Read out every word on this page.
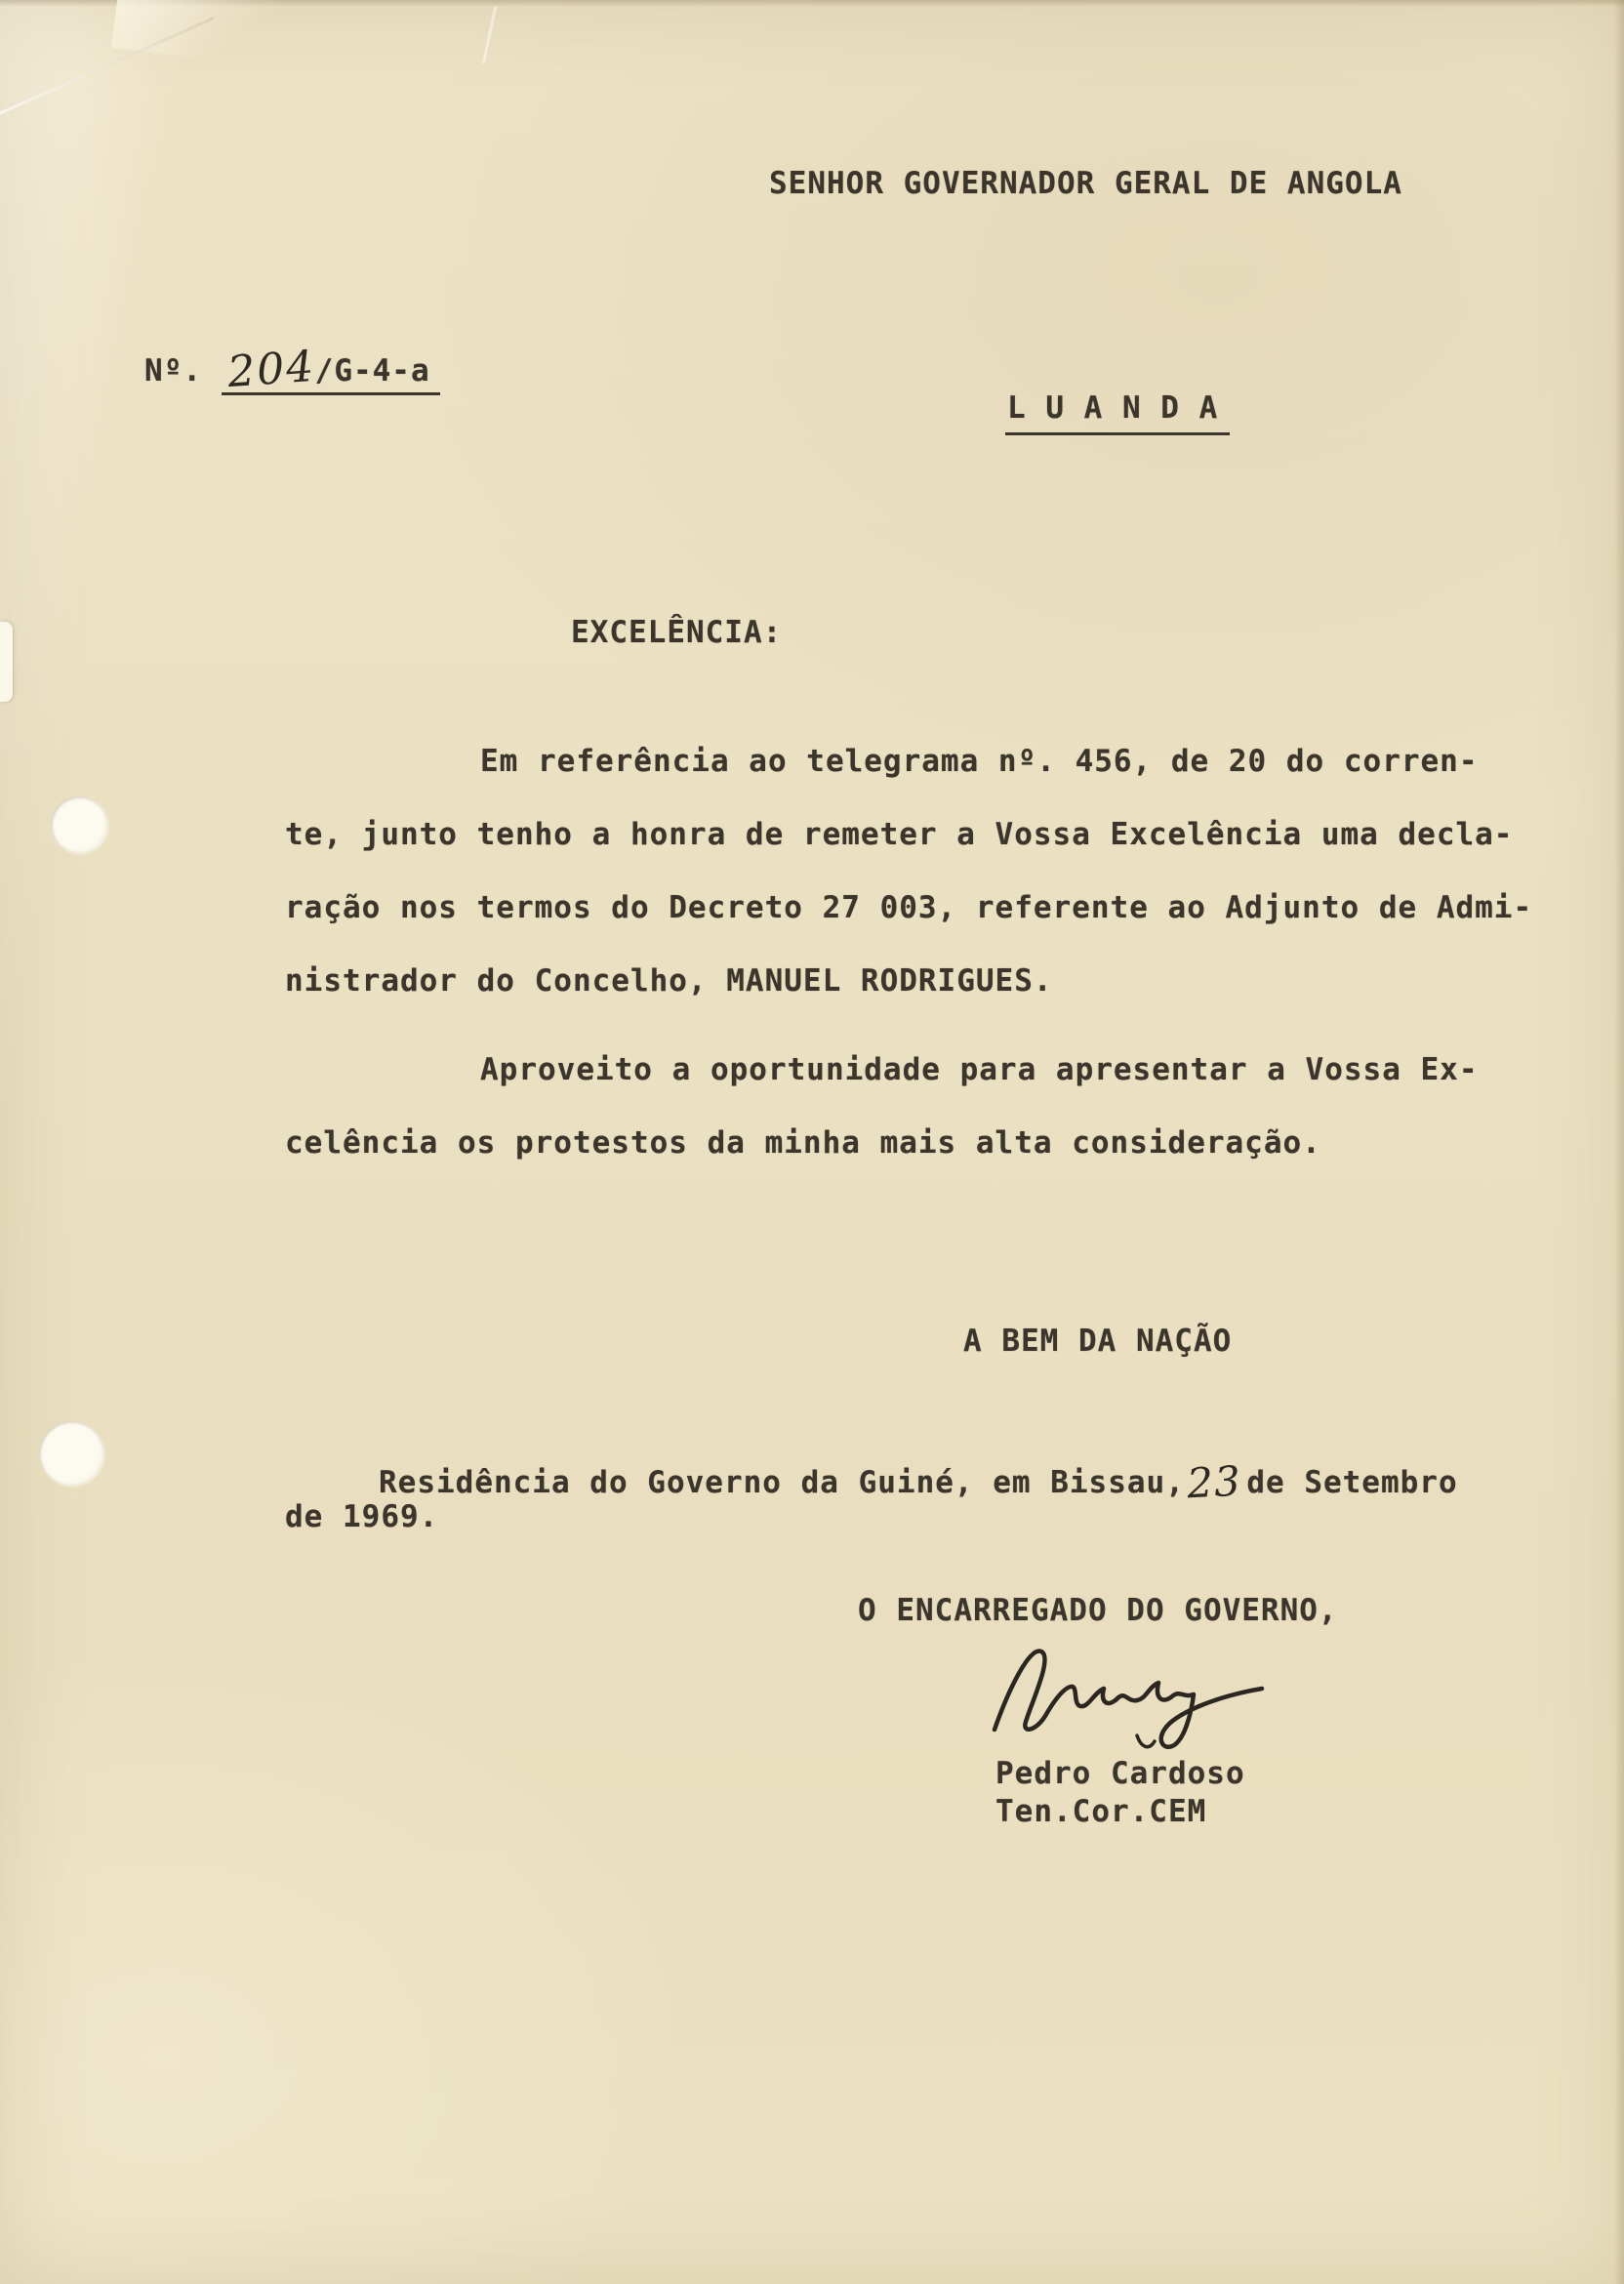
SENHOR GOVERNADOR GERAL DE ANGOLA
Nº. 204/G-4-a
L U A N D A
EXCELÊNCIA:
Em referência ao telegrama nº. 456, de 20 do corren-
te, junto tenho a honra de remeter a Vossa Excelência uma decla-
ração nos termos do Decreto 27 003, referente ao Adjunto de Admi-
nistrador do Concelho, MANUEL RODRIGUES.
Aproveito a oportunidade para apresentar a Vossa Ex-
celência os protestos da minha mais alta consideração.
A BEM DA NAÇÃO
Residência do Governo da Guiné, em Bissau,23 de Setembro
de 1969.
O ENCARREGADO DO GOVERNO,
Pedro Cardoso
Ten.Cor.CEM
